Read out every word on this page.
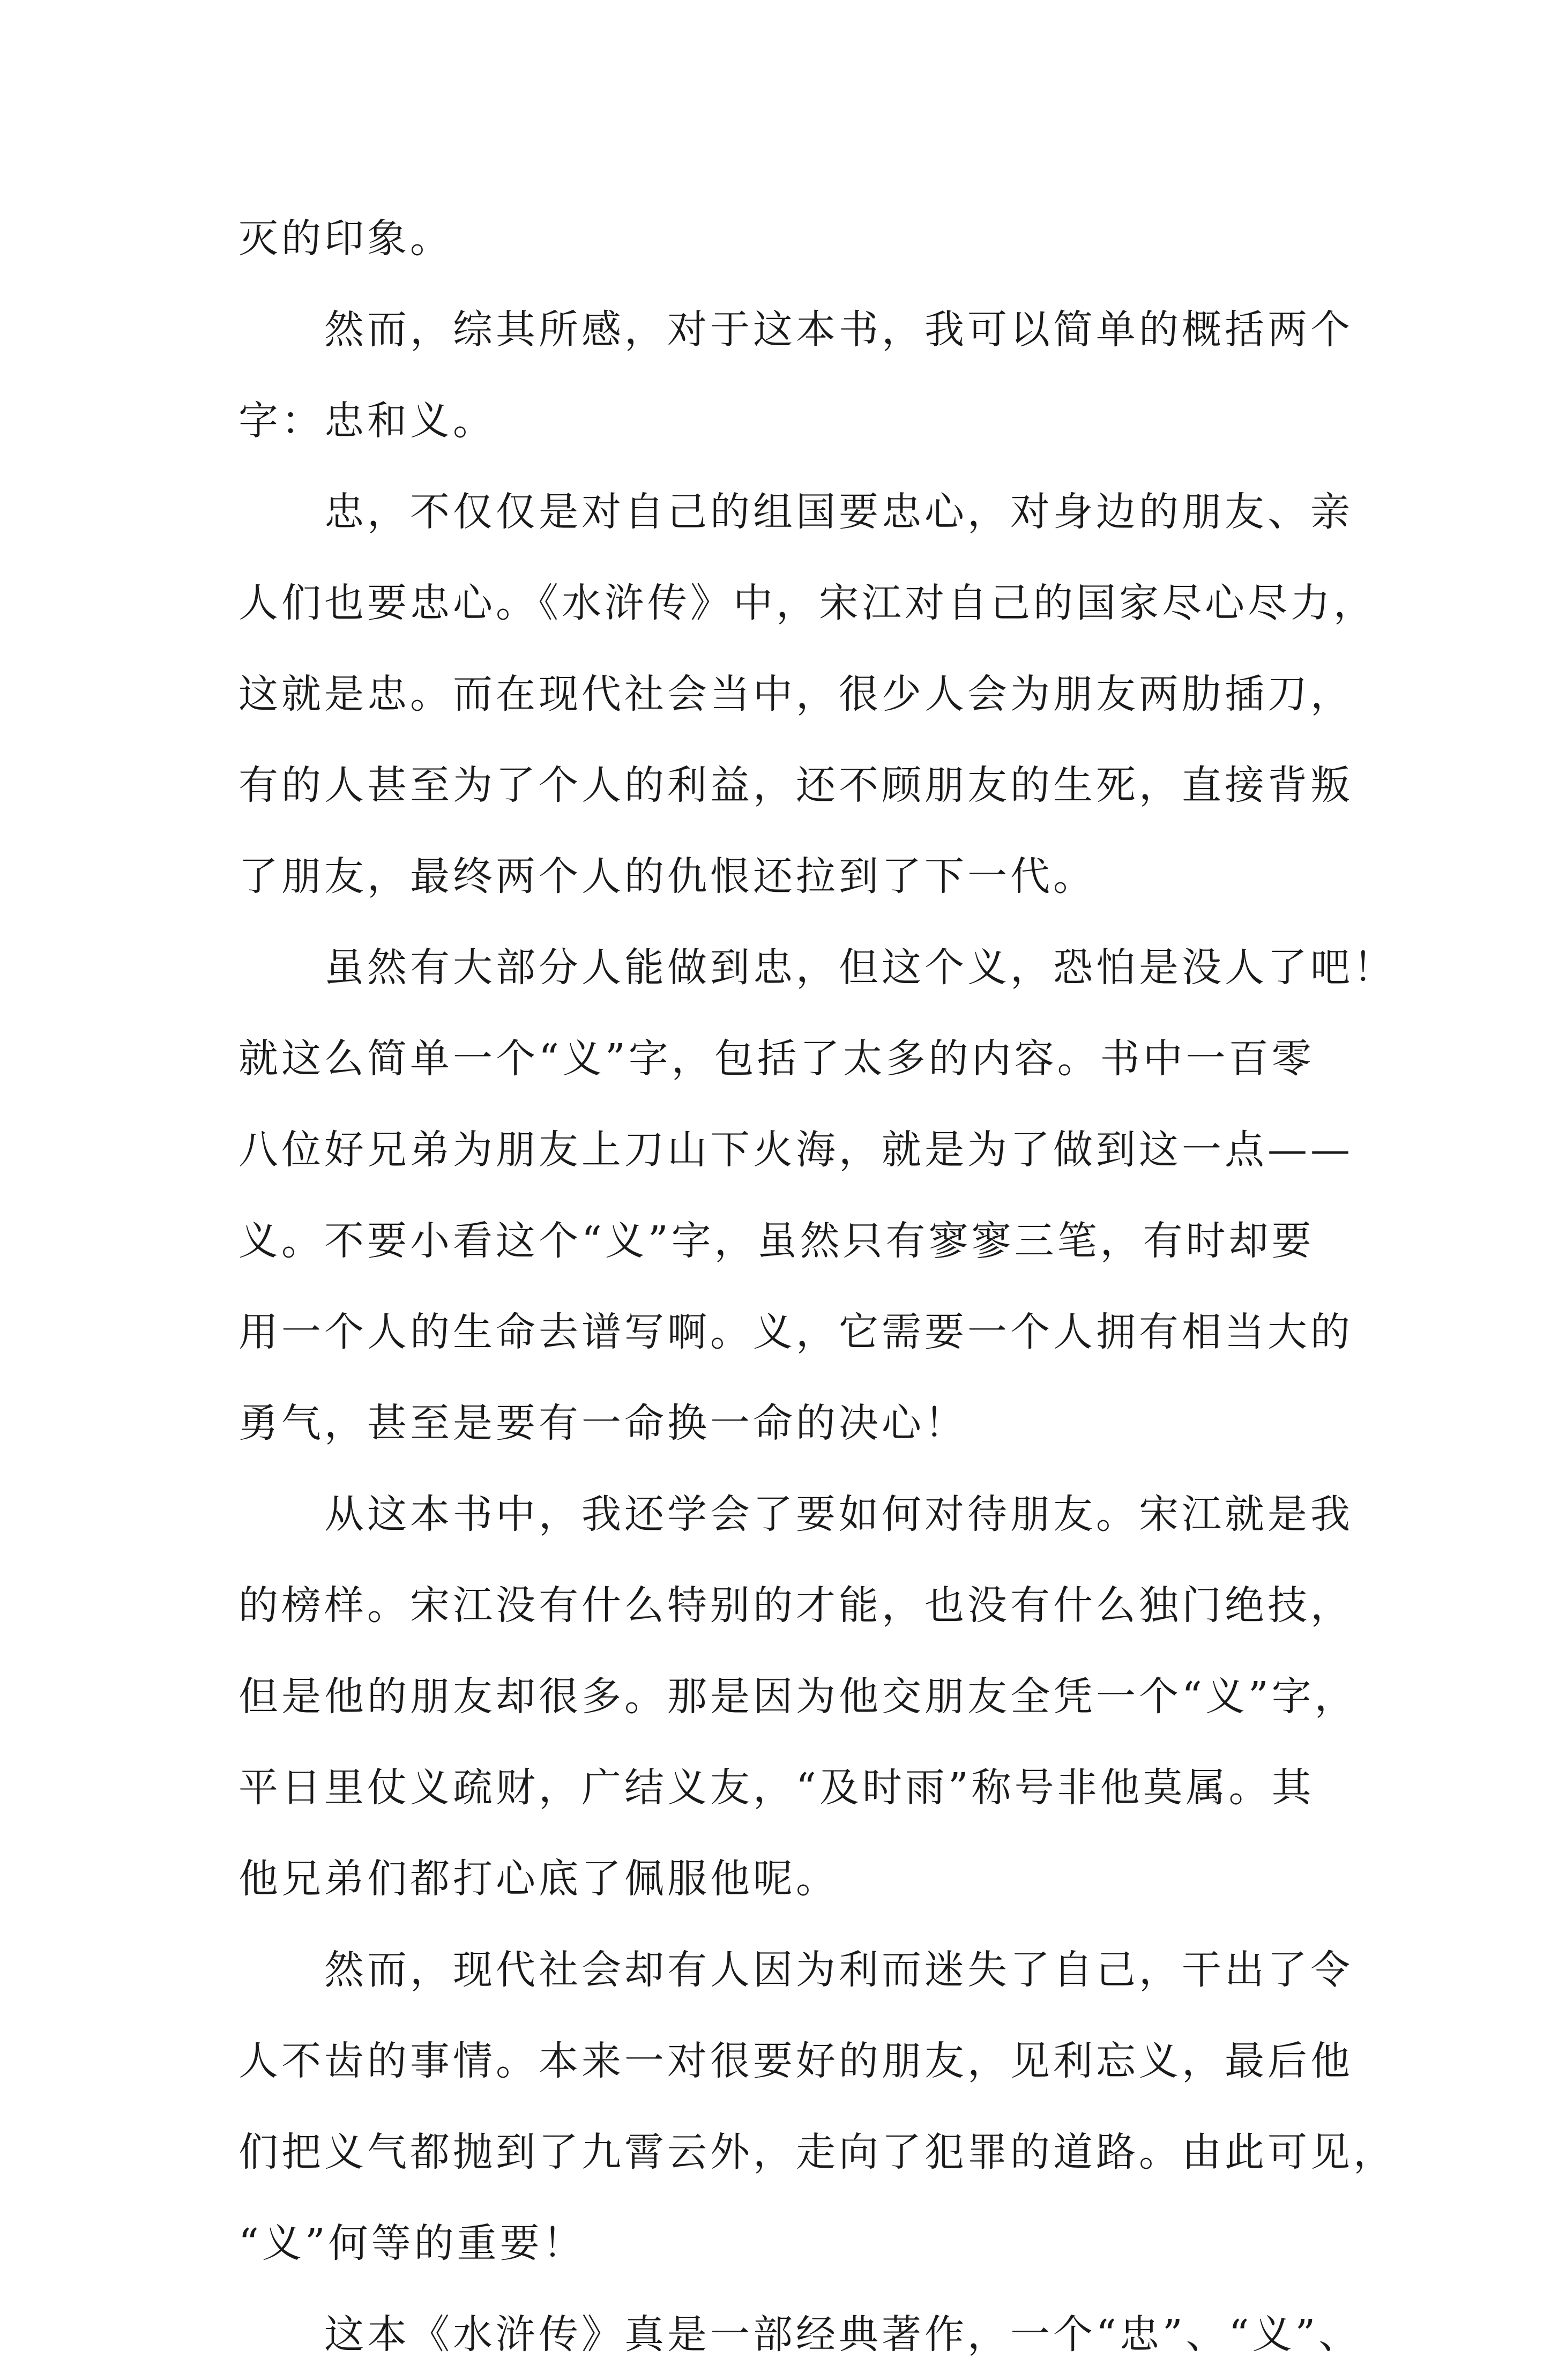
灭的印象。
然而，综其所感，对于这本书，我可以简单的概括两个
字：忠和义。
忠，不仅仅是对自己的组国要忠心，对身边的朋友、亲
人们也要忠心。《水浒传》中，宋江对自己的国家尽心尽力，
这就是忠。而在现代社会当中，很少人会为朋友两肋插刀，
有的人甚至为了个人的利益，还不顾朋友的生死，直接背叛
了朋友，最终两个人的仇恨还拉到了下一代。
虽然有大部分人能做到忠，但这个义，恐怕是没人了吧！
就这么简单一个“义”字，包括了太多的内容。书中一百零
八位好兄弟为朋友上刀山下火海，就是为了做到这一点——
义。不要小看这个“义”字，虽然只有寥寥三笔，有时却要
用一个人的生命去谱写啊。义，它需要一个人拥有相当大的
勇气，甚至是要有一命换一命的决心！
从这本书中，我还学会了要如何对待朋友。宋江就是我
的榜样。宋江没有什么特别的才能，也没有什么独门绝技，
但是他的朋友却很多。那是因为他交朋友全凭一个“义”字，
平日里仗义疏财，广结义友，“及时雨”称号非他莫属。其
他兄弟们都打心底了佩服他呢。
然而，现代社会却有人因为利而迷失了自己，干出了令
人不齿的事情。本来一对很要好的朋友，见利忘义，最后他
们把义气都抛到了九霄云外，走向了犯罪的道路。由此可见，
“义”何等的重要！
这本《水浒传》真是一部经典著作，一个“忠”、“义”、
